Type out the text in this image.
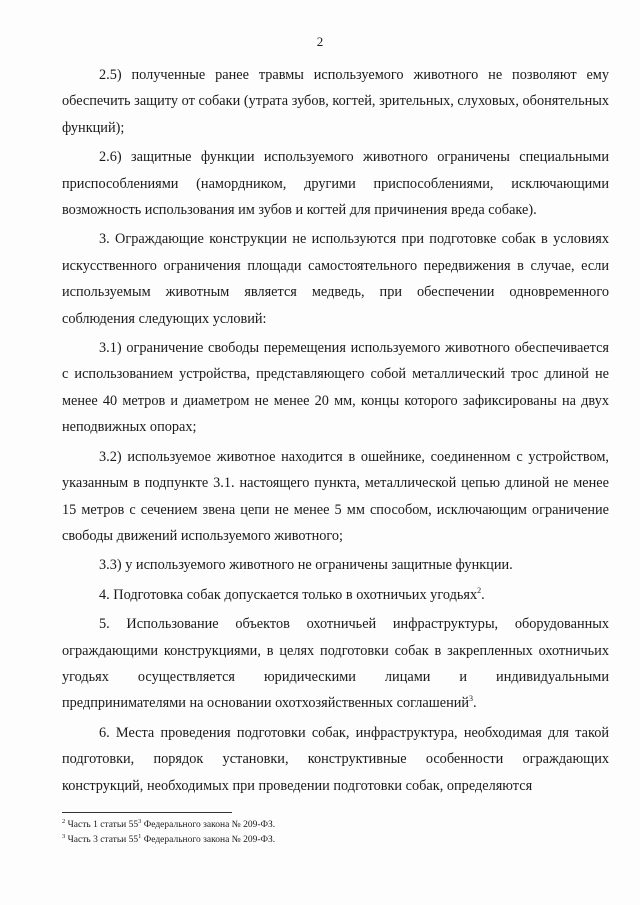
2

2.5) полученные ранее травмы используемого животного не позволяют ему обеспечить защиту от собаки (утрата зубов, когтей, зрительных, слуховых, обонятельных функций);

2.6) защитные функции используемого животного ограничены специальными приспособлениями (намордником, другими приспособлениями, исключающими возможность использования им зубов и когтей для причинения вреда собаке).

3. Ограждающие конструкции не используются при подготовке собак в условиях искусственного ограничения площади самостоятельного передвижения в случае, если используемым животным является медведь, при обеспечении одновременного соблюдения следующих условий:

3.1) ограничение свободы перемещения используемого животного обеспечивается с использованием устройства, представляющего собой металлический трос длиной не менее 40 метров и диаметром не менее 20 мм, концы которого зафиксированы на двух неподвижных опорах;

3.2) используемое животное находится в ошейнике, соединенном с устройством, указанным в подпункте 3.1. настоящего пункта, металлической цепью длиной не менее 15 метров с сечением звена цепи не менее 5 мм способом, исключающим ограничение свободы движений используемого животного;

3.3) у используемого животного не ограничены защитные функции.

4. Подготовка собак допускается только в охотничьих угодьях$^2$.

5. Использование объектов охотничьей инфраструктуры, оборудованных ограждающими конструкциями, в целях подготовки собак в закрепленных охотничьих угодьях осуществляется юридическими лицами и индивидуальными предпринимателями на основании охотхозяйственных соглашений$^3$.

6. Места проведения подготовки собак, инфраструктура, необходимая для такой подготовки, порядок установки, конструктивные особенности ограждающих конструкций, необходимых при проведении подготовки собак, определяются

$^2$ Часть 1 статьи $55^3$ Федерального закона № 209-ФЗ.

$^3$ Часть 3 статьи $55^1$ Федерального закона № 209-ФЗ.
